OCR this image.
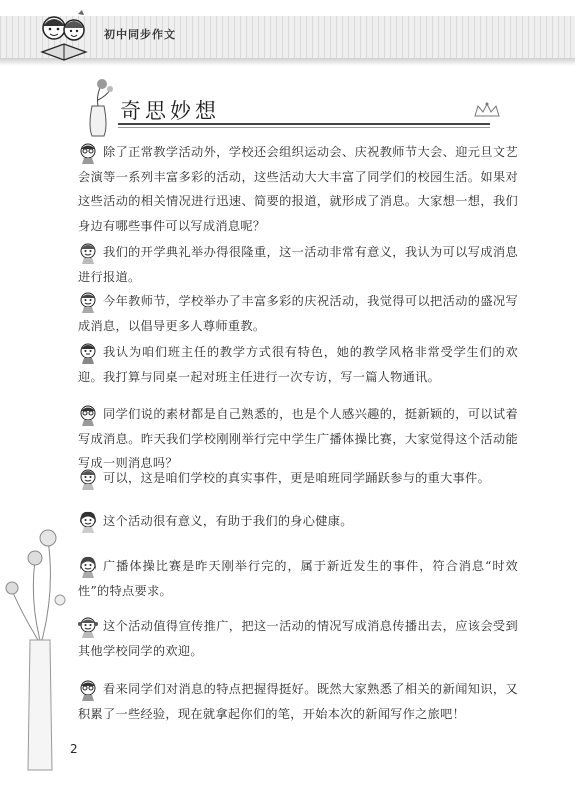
初中同步作文
奇思妙想
除了正常教学活动外，学校还会组织运动会、庆祝教师节大会、迎元旦文艺会演等一系列丰富多彩的活动，这些活动大大丰富了同学们的校园生活。如果对这些活动的相关情况进行迅速、简要的报道，就形成了消息。大家想一想，我们身边有哪些事件可以写成消息呢？
我们的开学典礼举办得很隆重，这一活动非常有意义，我认为可以写成消息进行报道。
今年教师节，学校举办了丰富多彩的庆祝活动，我觉得可以把活动的盛况写成消息，以倡导更多人尊师重教。
我认为咱们班主任的教学方式很有特色，她的教学风格非常受学生们的欢迎。我打算与同桌一起对班主任进行一次专访，写一篇人物通讯。
同学们说的素材都是自己熟悉的，也是个人感兴趣的，挺新颖的，可以试着写成消息。昨天我们学校刚刚举行完中学生广播体操比赛，大家觉得这个活动能写成一则消息吗？
可以，这是咱们学校的真实事件，更是咱班同学踊跃参与的重大事件。
这个活动很有意义，有助于我们的身心健康。
广播体操比赛是昨天刚举行完的，属于新近发生的事件，符合消息“时效性”的特点要求。
这个活动值得宣传推广，把这一活动的情况写成消息传播出去，应该会受到其他学校同学的欢迎。
看来同学们对消息的特点把握得挺好。既然大家熟悉了相关的新闻知识，又积累了一些经验，现在就拿起你们的笔，开始本次的新闻写作之旅吧！
2
